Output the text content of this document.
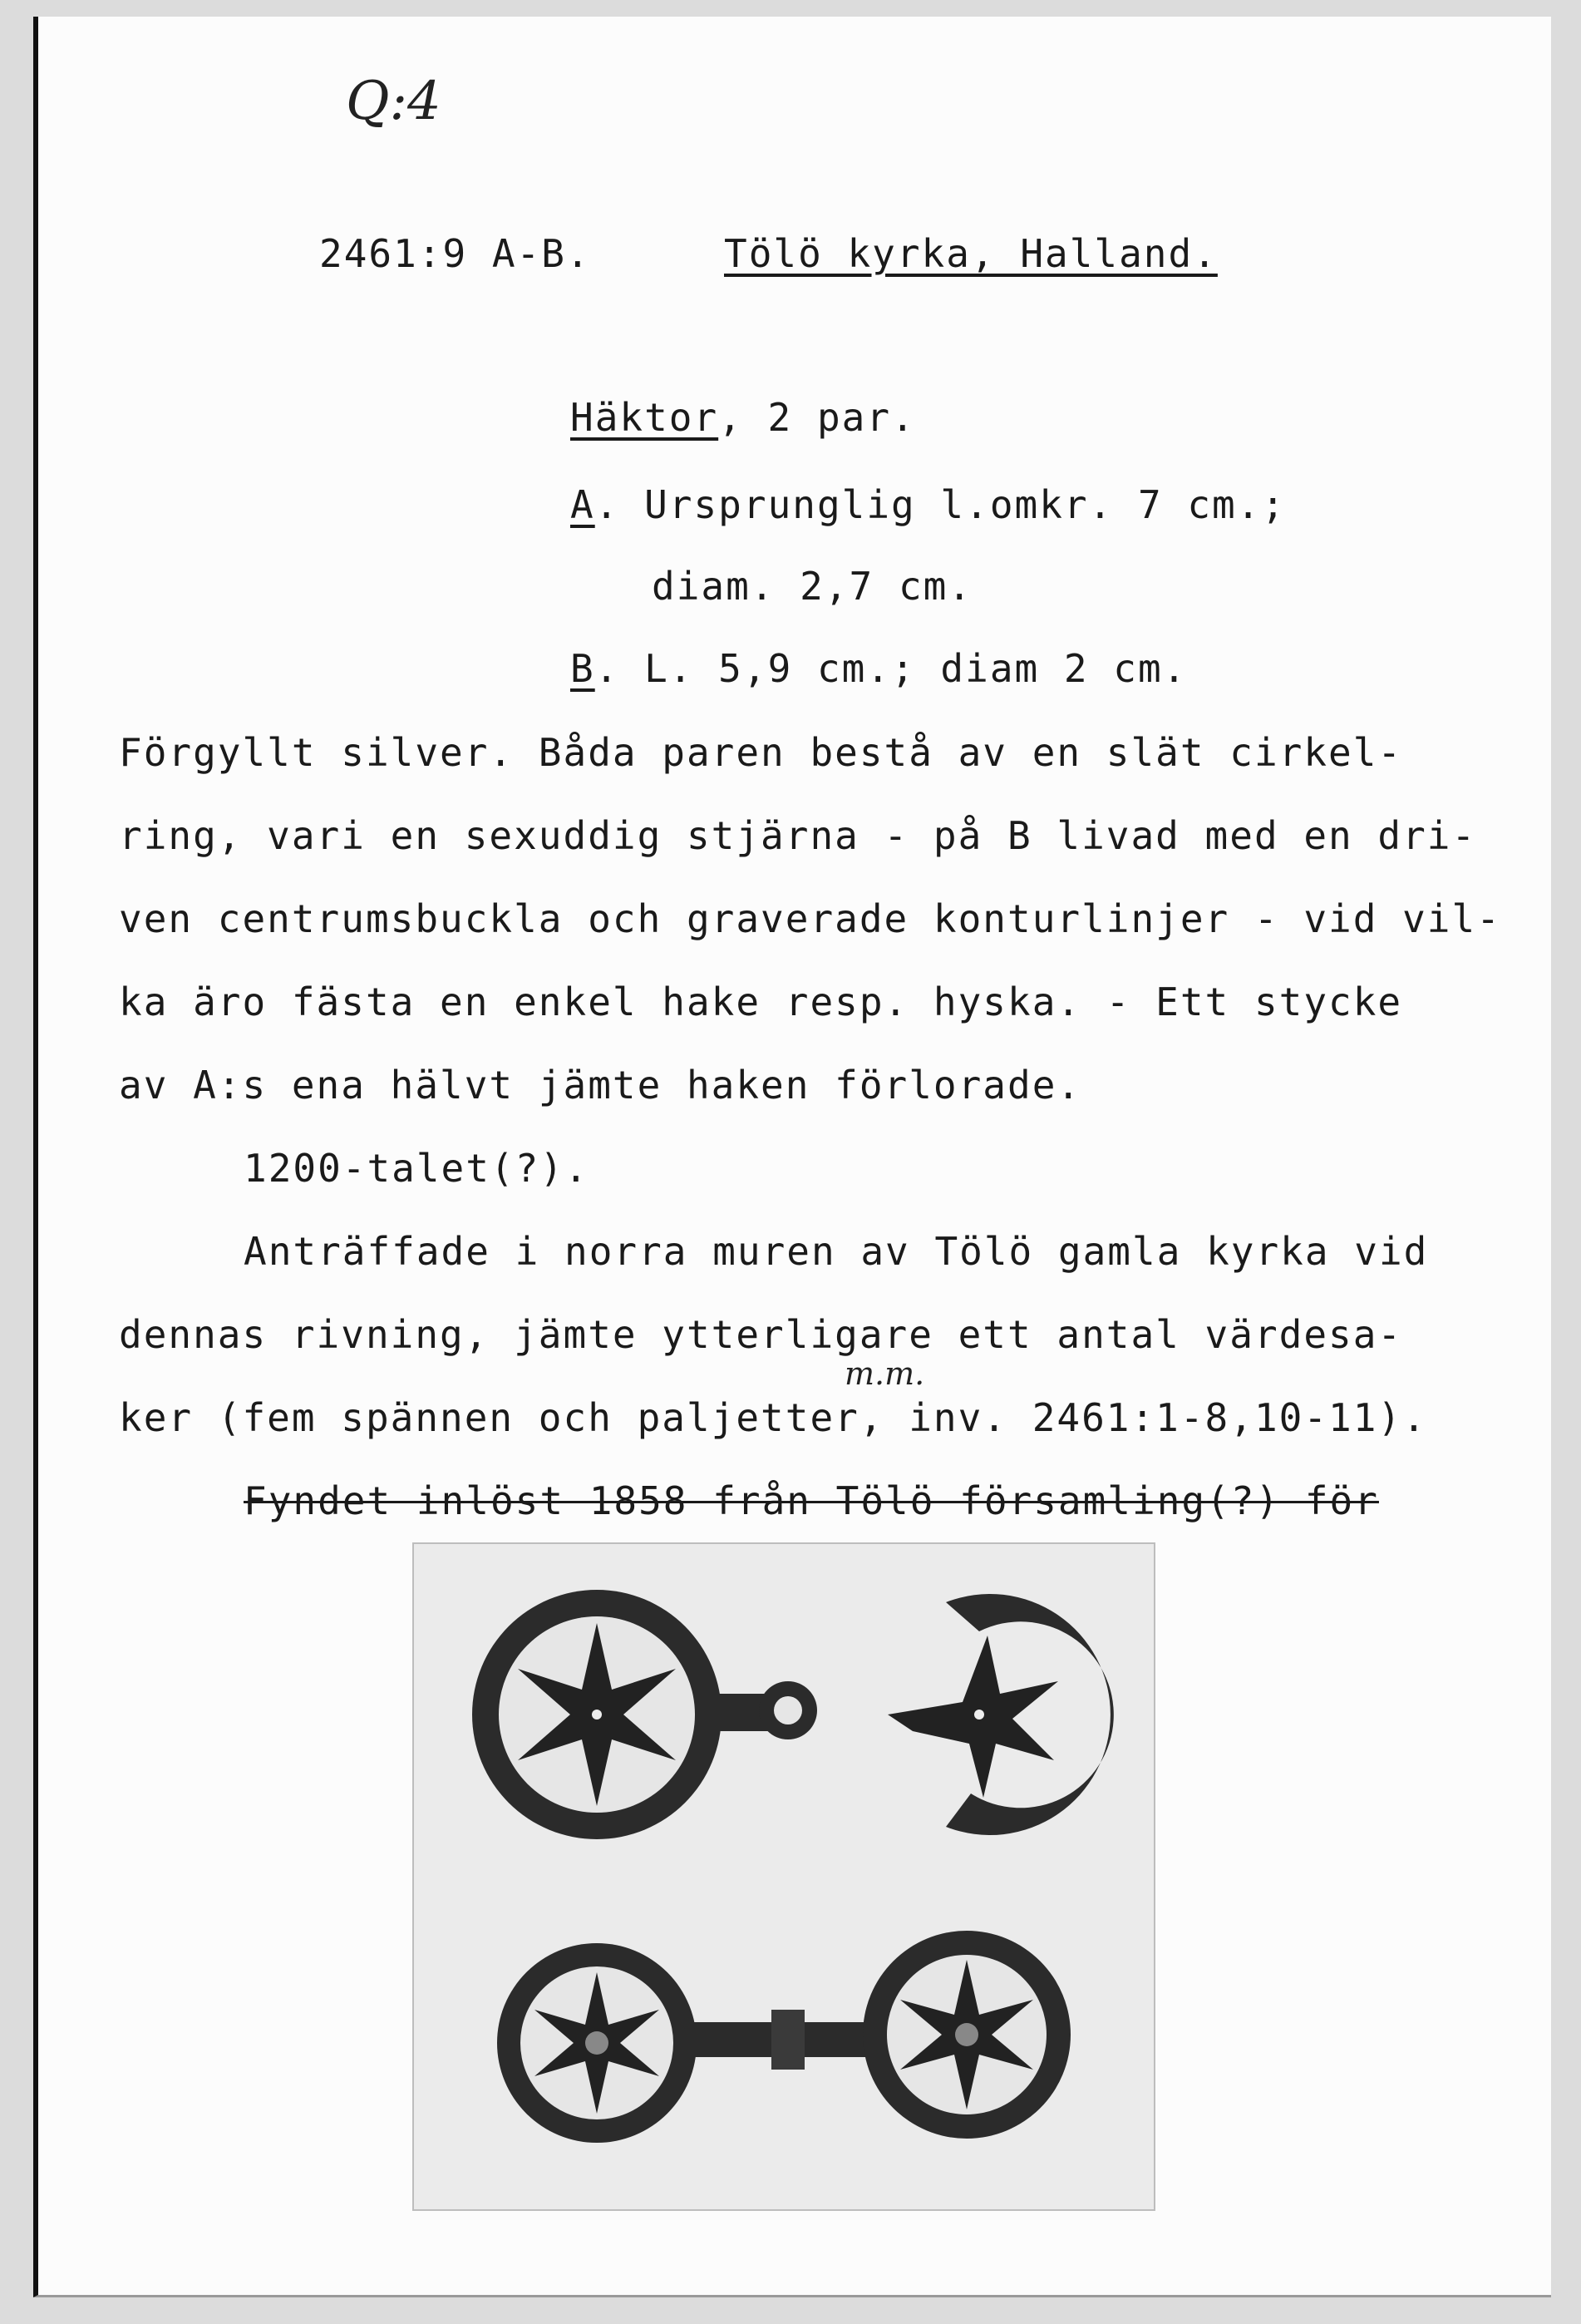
Q:4
2461:9 A-B.	Tölö kyrka, Halland.
Häktor, 2 par.
A. Ursprunglig l.omkr. 7 cm.;
diam. 2,7 cm.
B. L. 5,9 cm.; diam 2 cm.
Förgyllt silver. Båda paren bestå av en slät cirkel-
ring, vari en sexuddig stjärna - på B livad med en dri-
ven centrumsbuckla och graverade konturlinjer - vid vil-
ka äro fästa en enkel hake resp. hyska. - Ett stycke
av A:s ena hälvt jämte haken förlorade.
1200-talet(?).
Anträffade i norra muren av Tölö gamla kyrka vid
dennas rivning, jämte ytterligare ett antal värdesa-
m.m.
ker (fem spännen och paljetter, inv. 2461:1-8,10-11).
Fyndet inlöst 1858 från Tölö församling(?) för
